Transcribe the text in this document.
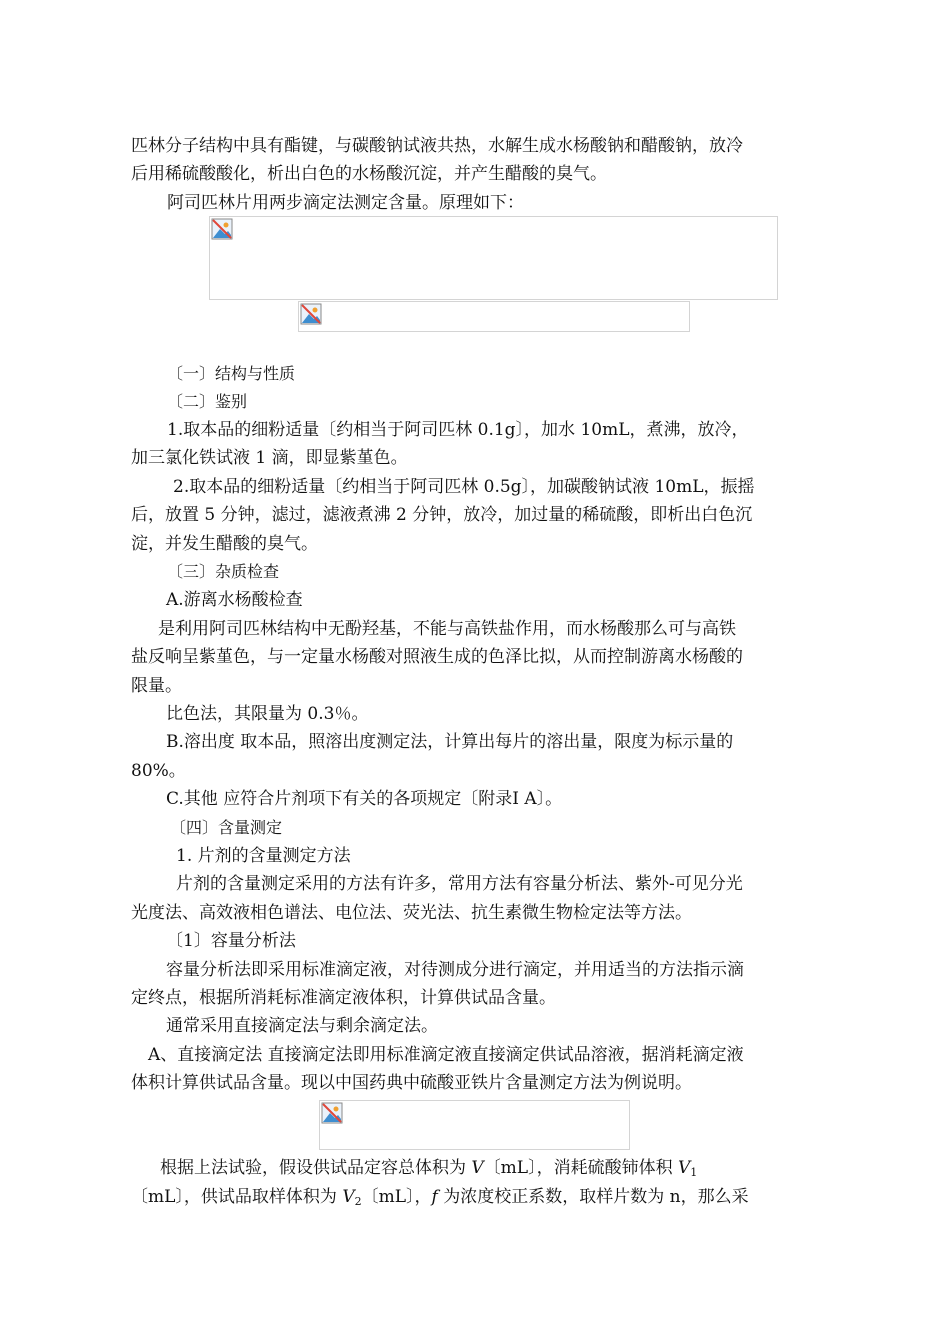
匹林分子结构中具有酯键，与碳酸钠试液共热，水解生成水杨酸钠和醋酸钠，放冷
后用稀硫酸酸化，析出白色的水杨酸沉淀，并产生醋酸的臭气。
阿司匹林片用两步滴定法测定含量。原理如下：
〔一〕结构与性质
〔二〕鉴别
1.取本品的细粉适量〔约相当于阿司匹林 0.1g〕，加水 10mL，煮沸，放冷，
加三氯化铁试液 1 滴，即显紫堇色。
2.取本品的细粉适量〔约相当于阿司匹林 0.5g〕，加碳酸钠试液 10mL，振摇
后，放置 5 分钟，滤过，滤液煮沸 2 分钟，放冷，加过量的稀硫酸，即析出白色沉
淀，并发生醋酸的臭气。
〔三〕杂质检查
A.游离水杨酸检查
是利用阿司匹林结构中无酚羟基，不能与高铁盐作用，而水杨酸那么可与高铁
盐反响呈紫堇色，与一定量水杨酸对照液生成的色泽比拟，从而控制游离水杨酸的
限量。
比色法，其限量为 0.3％。
B.溶出度 取本品，照溶出度测定法，计算出每片的溶出量，限度为标示量的
80%。
C.其他 应符合片剂项下有关的各项规定〔附录Ⅰ A〕。
〔四〕含量测定
1. 片剂的含量测定方法
片剂的含量测定采用的方法有许多，常用方法有容量分析法、紫外-可见分光
光度法、高效液相色谱法、电位法、荧光法、抗生素微生物检定法等方法。
〔1〕容量分析法
容量分析法即采用标准滴定液，对待测成分进行滴定，并用适当的方法指示滴
定终点，根据所消耗标准滴定液体积，计算供试品含量。
通常采用直接滴定法与剩余滴定法。
A、直接滴定法 直接滴定法即用标准滴定液直接滴定供试品溶液，据消耗滴定液
体积计算供试品含量。现以中国药典中硫酸亚铁片含量测定方法为例说明。
根据上法试验，假设供试品定容总体积为 V〔mL〕，消耗硫酸铈体积 $V_1$
〔mL〕，供试品取样体积为 $V_2$〔mL〕，f 为浓度校正系数，取样片数为 n，那么采
